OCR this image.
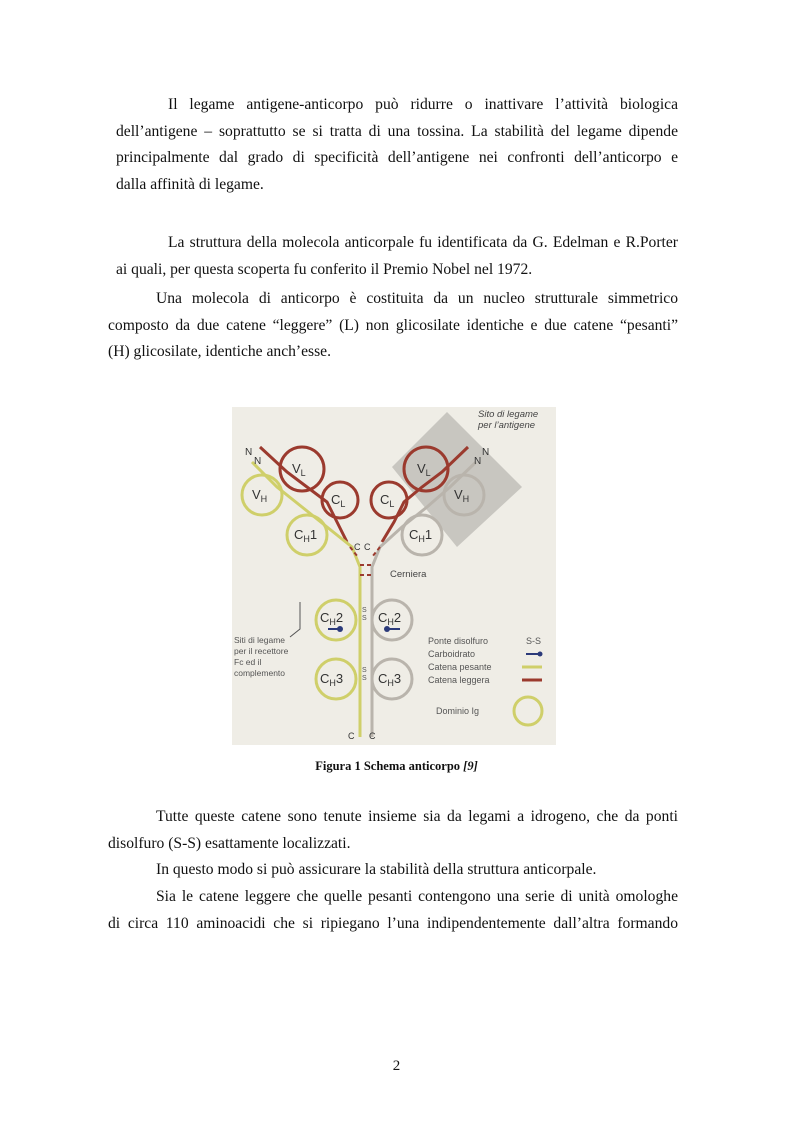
Il legame antigene-anticorpo può ridurre o inattivare l’attività biologica
dell’antigene – soprattutto se si tratta di una tossina. La stabilità del legame dipende
principalmente dal grado di specificità dell’antigene nei confronti dell’anticorpo e
dalla affinità di legame.
La struttura della molecola anticorpale fu identificata da G. Edelman e R.Porter
ai quali, per questa scoperta fu conferito il Premio Nobel nel 1972.
Una molecola di anticorpo è costituita da un nucleo strutturale simmetrico
composto da due catene “leggere” (L) non glicosilate identiche e due catene “pesanti”
(H) glicosilate, identiche anch’esse.
Sito di legame
per l’antigene
N
N
N
N
$V_L$	$V_L$
$V_H$	$V_H$
$C_L$	$C_L$
$C_H1$	$C_H1$
$C_H2$	$C_H2$
$C_H3$	$C_H3$
C C
C C
S
S
S
S
Cerniera
Siti di legame
per il recettore
Fc ed il
complemento
Ponte disolfuro	S-S
Carboidrato
Catena pesante
Catena leggera
Dominio Ig
Figura 1 Schema anticorpo [9]
Tutte queste catene sono tenute insieme sia da legami a idrogeno, che da ponti
disolfuro (S-S) esattamente localizzati.
In questo modo si può assicurare la stabilità della struttura anticorpale.
Sia le catene leggere che quelle pesanti contengono una serie di unità omologhe
di circa 110 aminoacidi che si ripiegano l’una indipendentemente dall’altra formando
2
